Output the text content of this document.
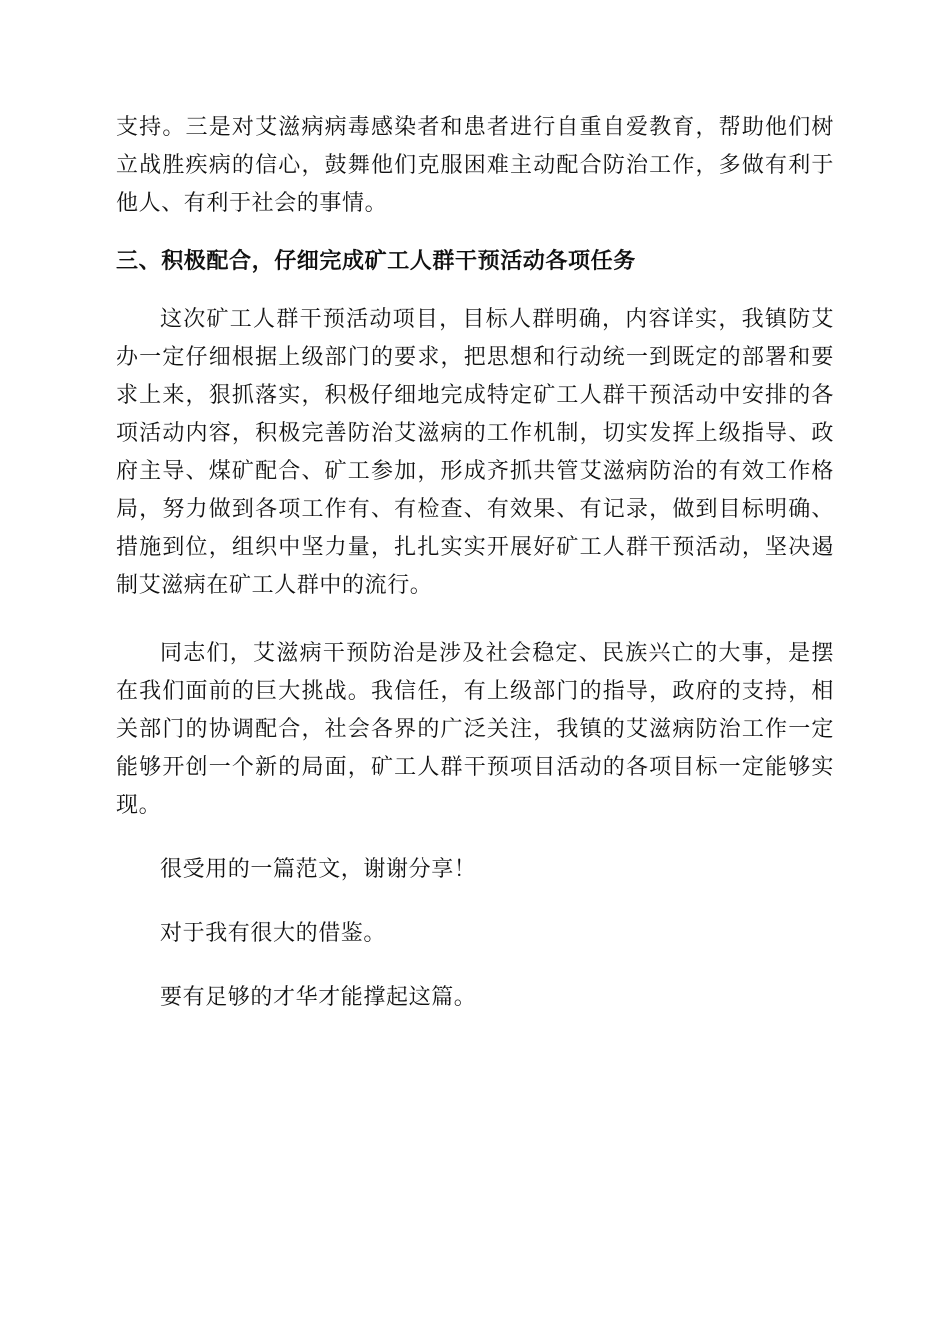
支持。三是对艾滋病病毒感染者和患者进行自重自爱教育，帮助他们树立战胜疾病的信心，鼓舞他们克服困难主动配合防治工作，多做有利于他人、有利于社会的事情。

三、积极配合，仔细完成矿工人群干预活动各项任务

这次矿工人群干预活动项目，目标人群明确，内容详实，我镇防艾办一定仔细根据上级部门的要求，把思想和行动统一到既定的部署和要求上来，狠抓落实，积极仔细地完成特定矿工人群干预活动中安排的各项活动内容，积极完善防治艾滋病的工作机制，切实发挥上级指导、政府主导、煤矿配合、矿工参加，形成齐抓共管艾滋病防治的有效工作格局，努力做到各项工作有、有检查、有效果、有记录，做到目标明确、措施到位，组织中坚力量，扎扎实实开展好矿工人群干预活动，坚决遏制艾滋病在矿工人群中的流行。

同志们，艾滋病干预防治是涉及社会稳定、民族兴亡的大事，是摆在我们面前的巨大挑战。我信任，有上级部门的指导，政府的支持，相关部门的协调配合，社会各界的广泛关注，我镇的艾滋病防治工作一定能够开创一个新的局面，矿工人群干预项目活动的各项目标一定能够实现。

很受用的一篇范文，谢谢分享！

对于我有很大的借鉴。

要有足够的才华才能撑起这篇。
